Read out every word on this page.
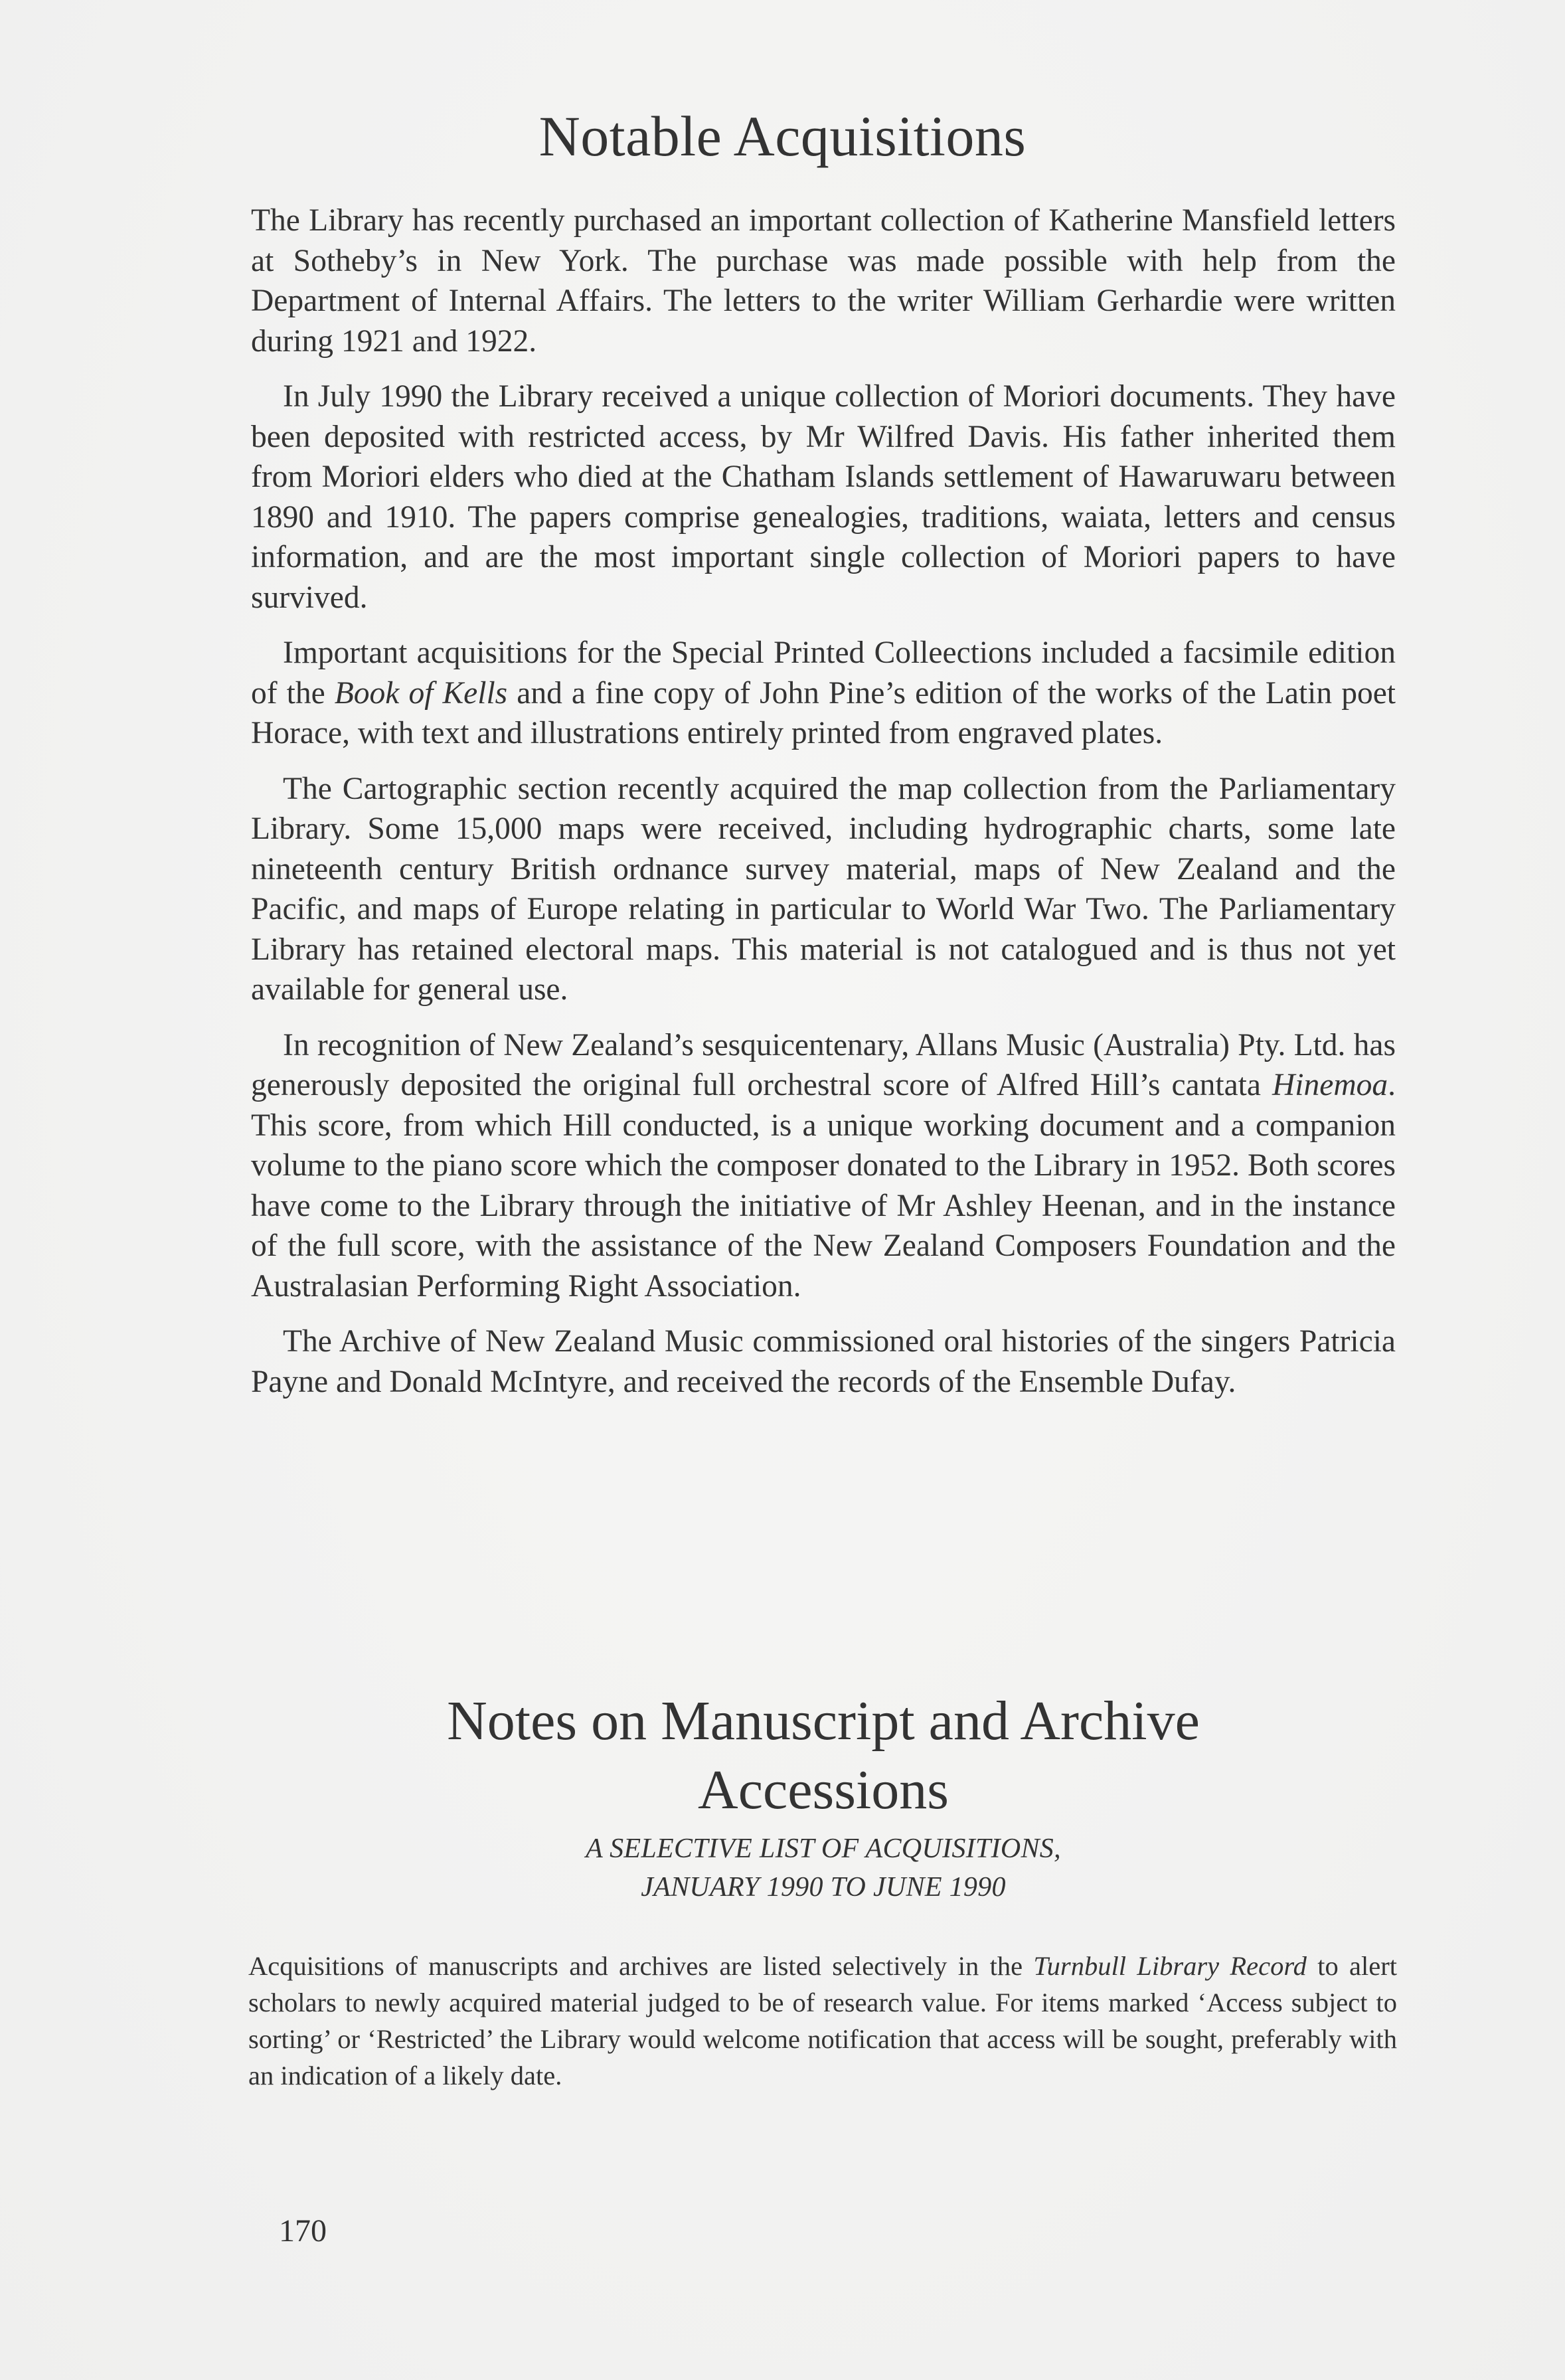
Notable Acquisitions

The Library has recently purchased an important collection of Katherine Mansfield letters at Sotheby’s in New York. The purchase was made possible with help from the Department of Internal Affairs. The letters to the writer William Gerhardie were written during 1921 and 1922.

In July 1990 the Library received a unique collection of Moriori documents. They have been deposited with restricted access, by Mr Wilfred Davis. His father inherited them from Moriori elders who died at the Chatham Islands settlement of Hawaruwaru between 1890 and 1910. The papers comprise genealogies, traditions, waiata, letters and census information, and are the most important single collection of Moriori papers to have survived.

Important acquisitions for the Special Printed Colleections included a facsimile edition of the Book of Kells and a fine copy of John Pine’s edition of the works of the Latin poet Horace, with text and illustrations entirely printed from engraved plates.

The Cartographic section recently acquired the map collection from the Parliamentary Library. Some 15,000 maps were received, including hydrographic charts, some late nineteenth century British ordnance survey material, maps of New Zealand and the Pacific, and maps of Europe relating in particular to World War Two. The Parliamentary Library has retained electoral maps. This material is not catalogued and is thus not yet available for general use.

In recognition of New Zealand’s sesquicentenary, Allans Music (Australia) Pty. Ltd. has generously deposited the original full orchestral score of Alfred Hill’s cantata Hinemoa. This score, from which Hill conducted, is a unique working document and a companion volume to the piano score which the composer donated to the Library in 1952. Both scores have come to the Library through the initiative of Mr Ashley Heenan, and in the instance of the full score, with the assistance of the New Zealand Composers Foundation and the Australasian Performing Right Association.

The Archive of New Zealand Music commissioned oral histories of the singers Patricia Payne and Donald McIntyre, and received the records of the Ensemble Dufay.

Notes on Manuscript and Archive
Accessions
A SELECTIVE LIST OF ACQUISITIONS,
JANUARY 1990 TO JUNE 1990

Acquisitions of manuscripts and archives are listed selectively in the Turnbull Library Record to alert scholars to newly acquired material judged to be of research value. For items marked ‘Access subject to sorting’ or ‘Restricted’ the Library would welcome notification that access will be sought, preferably with an indication of a likely date.

170
